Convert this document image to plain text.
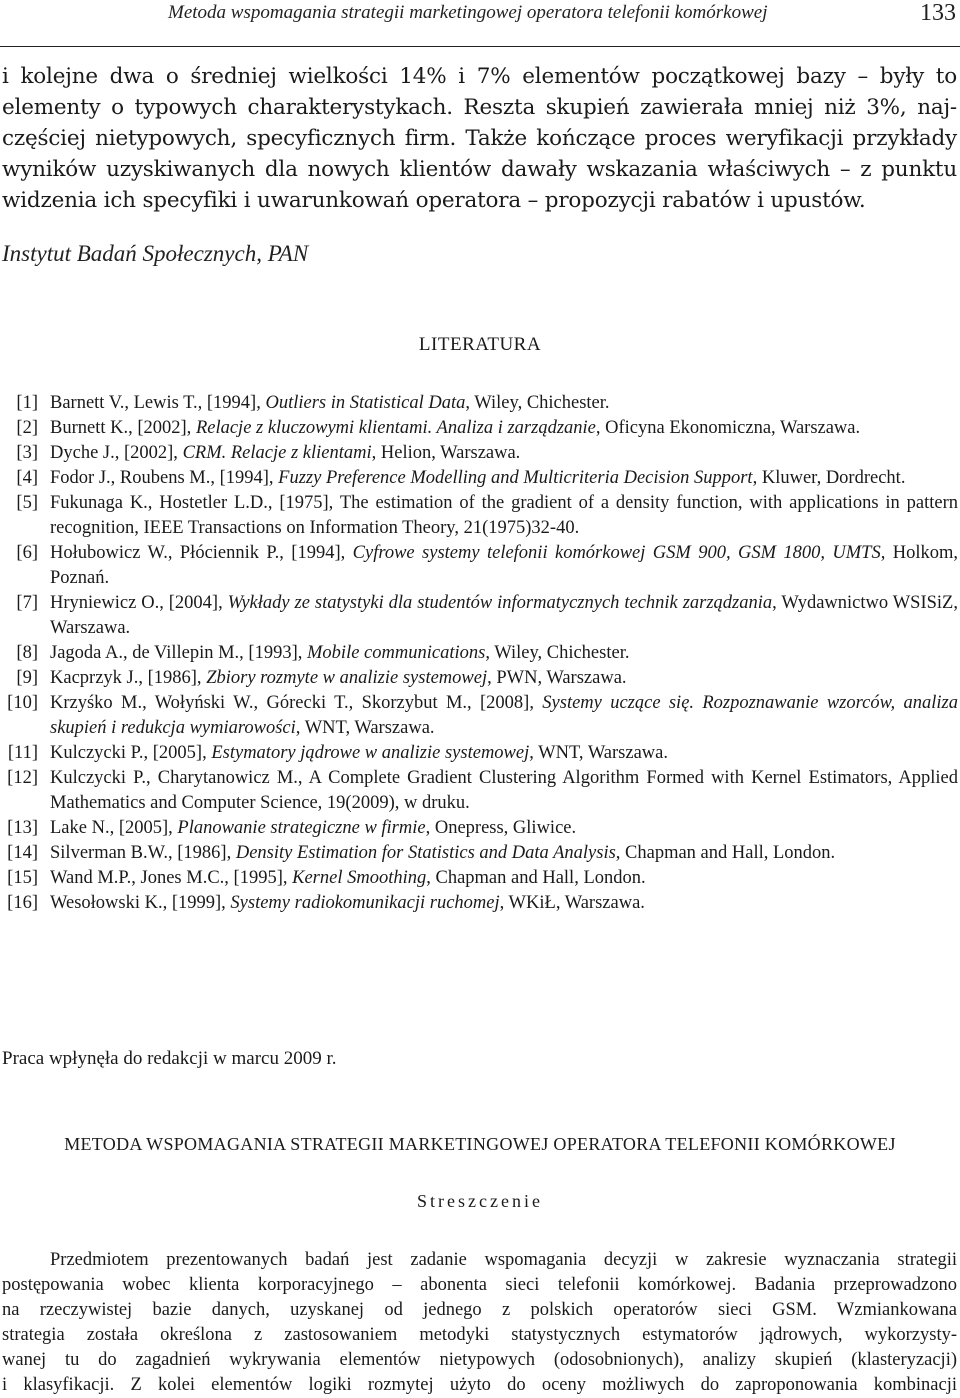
Metoda wspomagania strategii marketingowej operatora telefonii komórkowej	133
i kolejne dwa o średniej wielkości 14% i 7% elementów początkowej bazy – były to
elementy o typowych charakterystykach. Reszta skupień zawierała mniej niż 3%, naj-
częściej nietypowych, specyficznych firm. Także kończące proces weryfikacji przykłady
wyników uzyskiwanych dla nowych klientów dawały wskazania właściwych – z punktu
widzenia ich specyfiki i uwarunkowań operatora – propozycji rabatów i upustów.
Instytut Badań Społecznych, PAN
LITERATURA
[1] Barnett V., Lewis T., [1994], Outliers in Statistical Data, Wiley, Chichester.
[2] Burnett K., [2002], Relacje z kluczowymi klientami. Analiza i zarządzanie, Oficyna Ekonomiczna, Warszawa.
[3] Dyche J., [2002], CRM. Relacje z klientami, Helion, Warszawa.
[4] Fodor J., Roubens M., [1994], Fuzzy Preference Modelling and Multicriteria Decision Support, Kluwer, Dordrecht.
[5] Fukunaga K., Hostetler L.D., [1975], The estimation of the gradient of a density function, with applications in pattern recognition, IEEE Transactions on Information Theory, 21(1975)32-40.
[6] Hołubowicz W., Płóciennik P., [1994], Cyfrowe systemy telefonii komórkowej GSM 900, GSM 1800, UMTS, Holkom, Poznań.
[7] Hryniewicz O., [2004], Wykłady ze statystyki dla studentów informatycznych technik zarządzania, Wydawnictwo WSISiZ, Warszawa.
[8] Jagoda A., de Villepin M., [1993], Mobile communications, Wiley, Chichester.
[9] Kacprzyk J., [1986], Zbiory rozmyte w analizie systemowej, PWN, Warszawa.
[10] Krzyśko M., Wołyński W., Górecki T., Skorzybut M., [2008], Systemy uczące się. Rozpoznawanie wzorców, analiza skupień i redukcja wymiarowości, WNT, Warszawa.
[11] Kulczycki P., [2005], Estymatory jądrowe w analizie systemowej, WNT, Warszawa.
[12] Kulczycki P., Charytanowicz M., A Complete Gradient Clustering Algorithm Formed with Kernel Estimators, Applied Mathematics and Computer Science, 19(2009), w druku.
[13] Lake N., [2005], Planowanie strategiczne w firmie, Onepress, Gliwice.
[14] Silverman B.W., [1986], Density Estimation for Statistics and Data Analysis, Chapman and Hall, London.
[15] Wand M.P., Jones M.C., [1995], Kernel Smoothing, Chapman and Hall, London.
[16] Wesołowski K., [1999], Systemy radiokomunikacji ruchomej, WKiŁ, Warszawa.
Praca wpłynęła do redakcji w marcu 2009 r.
METODA WSPOMAGANIA STRATEGII MARKETINGOWEJ OPERATORA TELEFONII KOMÓRKOWEJ
Streszczenie
Przedmiotem prezentowanych badań jest zadanie wspomagania decyzji w zakresie wyznaczania strategii
postępowania wobec klienta korporacyjnego – abonenta sieci telefonii komórkowej. Badania przeprowadzono
na rzeczywistej bazie danych, uzyskanej od jednego z polskich operatorów sieci GSM. Wzmiankowana
strategia została określona z zastosowaniem metodyki statystycznych estymatorów jądrowych, wykorzysty-
wanej tu do zagadnień wykrywania elementów nietypowych (odosobnionych), analizy skupień (klasteryzacji)
i klasyfikacji. Z kolei elementów logiki rozmytej użyto do oceny możliwych do zaproponowania kombinacji
